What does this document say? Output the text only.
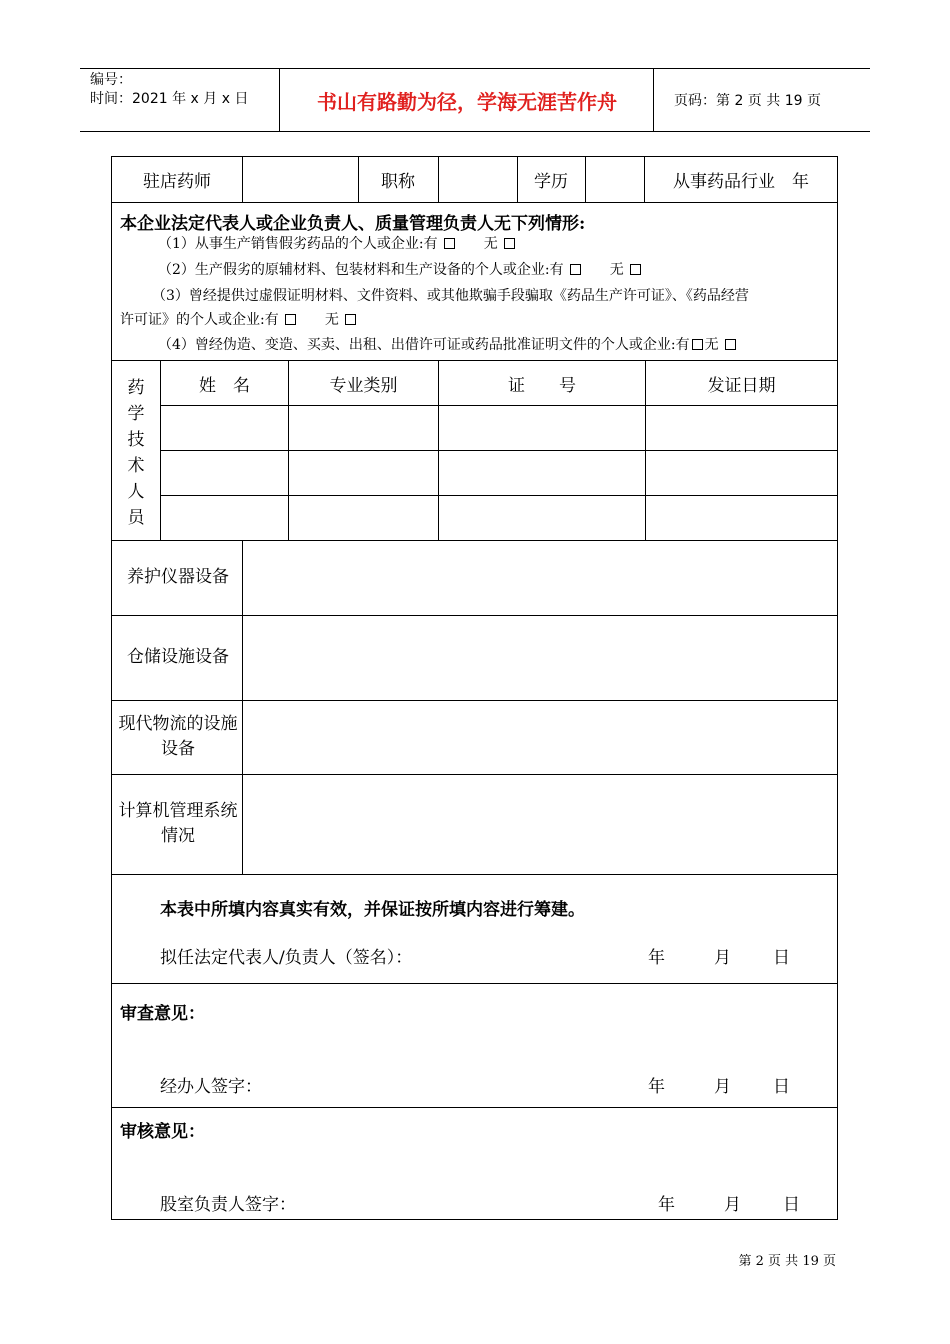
编号：
时间：2021 年 x 月 x 日	书山有路勤为径，学海无涯苦作舟	页码：第 2 页 共 19 页
驻店药师	职称	学历	从事药品行业　年
本企业法定代表人或企业负责人、质量管理负责人无下列情形:
（1）从事生产销售假劣药品的个人或企业:有	无
（2）生产假劣的原辅材料、包装材料和生产设备的个人或企业:有	无
（3）曾经提供过虚假证明材料、文件资料、或其他欺骗手段骗取《药品生产许可证》、《药品经营
许可证》的个人或企业:有	无
（4）曾经伪造、变造、买卖、出租、出借许可证或药品批准证明文件的个人或企业:有 无
药
学
技
术
人
员
姓　名	专业类别	证　　号	发证日期
养护仪器设备
仓储设施设备
现代物流的设施设备
计算机管理系统情况
本表中所填内容真实有效，并保证按所填内容进行筹建。
拟任法定代表人/负责人（签名）：	年	月 日
审查意见：
经办人签字：	年	月 日
审核意见：
股室负责人签字：	年	月 日
第 2 页 共 19 页
